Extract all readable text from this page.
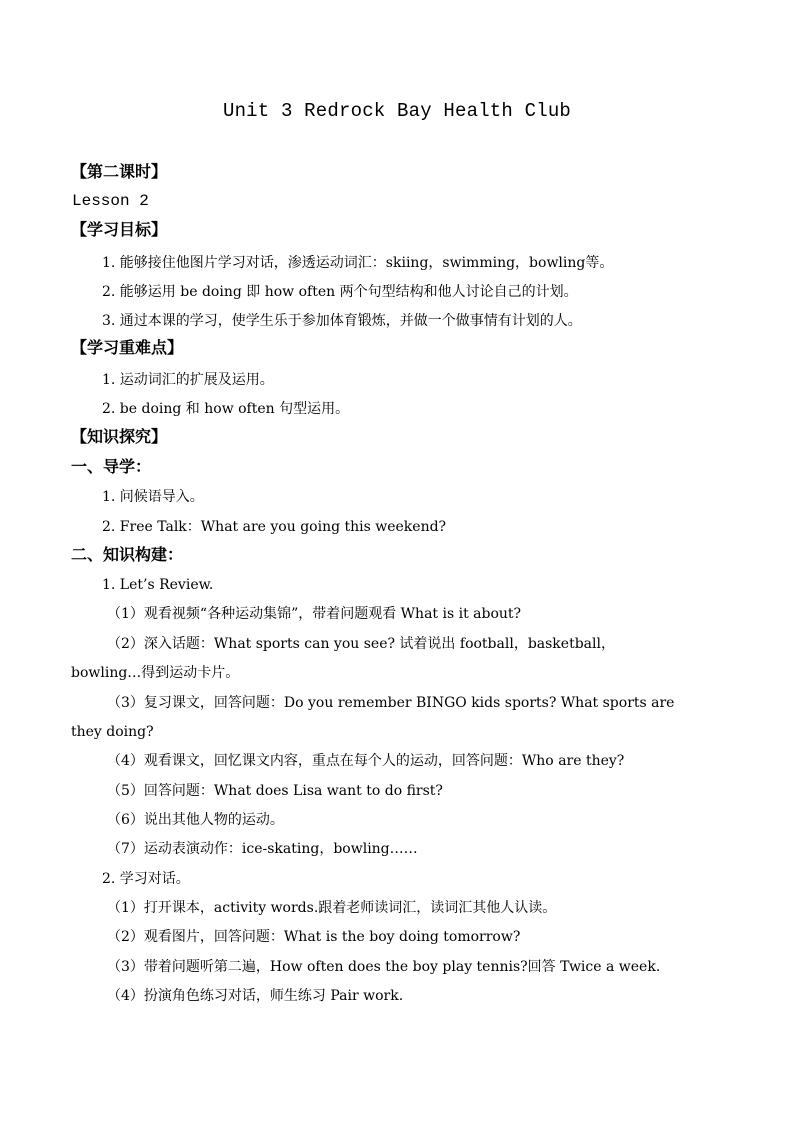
Unit 3 Redrock Bay Health Club
【第二课时】
Lesson 2
【学习目标】
1. 能够接住他图片学习对话，渗透运动词汇：skiing，swimming，bowling等。
2. 能够运用 be doing 即 how often 两个句型结构和他人讨论自己的计划。
3. 通过本课的学习，使学生乐于参加体育锻炼，并做一个做事情有计划的人。
【学习重难点】
1. 运动词汇的扩展及运用。
2. be doing 和 how often 句型运用。
【知识探究】
一、导学：
1. 问候语导入。
2. Free Talk：What are you going this weekend?
二、知识构建：
1. Let’s Review.
（1）观看视频“各种运动集锦”，带着问题观看 What is it about?
（2）深入话题：What sports can you see? 试着说出 football，basketball，
bowling…得到运动卡片。
（3）复习课文，回答问题：Do you remember BINGO kids sports? What sports are
they doing?
（4）观看课文，回忆课文内容，重点在每个人的运动，回答问题：Who are they?
（5）回答问题：What does Lisa want to do first?
（6）说出其他人物的运动。
（7）运动表演动作：ice-skating，bowling……
2. 学习对话。
（1）打开课本，activity words.跟着老师读词汇，读词汇其他人认读。
（2）观看图片，回答问题：What is the boy doing tomorrow?
（3）带着问题听第二遍，How often does the boy play tennis?回答 Twice a week.
（4）扮演角色练习对话，师生练习 Pair work.
